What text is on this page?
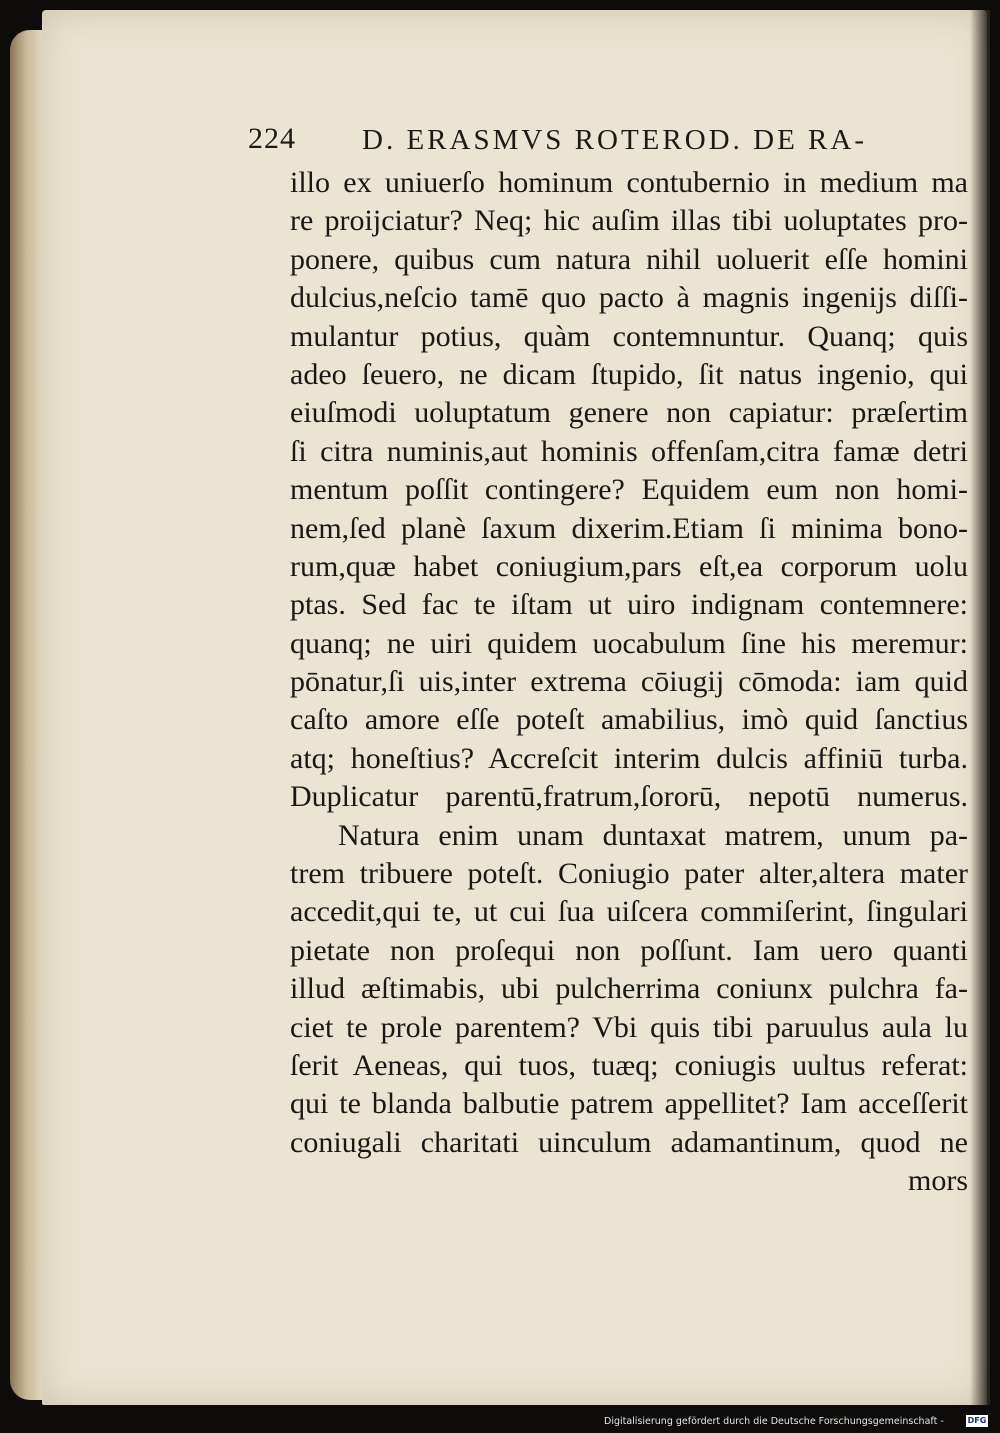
224 D. ERASMVS ROTEROD. DE RA-
illo ex uniuerſo hominum contubernio in medium ma
re proijciatur? Neq; hic auſim illas tibi uoluptates pro-
ponere, quibus cum natura nihil uoluerit eſſe homini
dulcius,neſcio tamē quo pacto à magnis ingenijs diſſi-
mulantur potius, quàm contemnuntur. Quanq; quis
adeo ſeuero, ne dicam ſtupido, ſit natus ingenio, qui
eiuſmodi uoluptatum genere non capiatur: præſertim
ſi citra numinis,aut hominis offenſam,citra famæ detri
mentum poſſit contingere? Equidem eum non homi-
nem,ſed planè ſaxum dixerim.Etiam ſi minima bono-
rum,quæ habet coniugium,pars eſt,ea corporum uolu
ptas. Sed fac te iſtam ut uiro indignam contemnere:
quanq; ne uiri quidem uocabulum ſine his meremur:
pōnatur,ſi uis,inter extrema cōiugij cōmoda: iam quid
caſto amore eſſe poteſt amabilius, imò quid ſanctius
atq; honeſtius? Accreſcit interim dulcis affiniū turba.
Duplicatur parentū,fratrum,ſororū, nepotū numerus.
Natura enim unam duntaxat matrem, unum pa-
trem tribuere poteſt. Coniugio pater alter,altera mater
accedit,qui te, ut cui ſua uiſcera commiſerint, ſingulari
pietate non proſequi non poſſunt. Iam uero quanti
illud æſtimabis, ubi pulcherrima coniunx pulchra fa-
ciet te prole parentem? Vbi quis tibi paruulus aula lu
ſerit Aeneas, qui tuos, tuæq; coniugis uultus referat:
qui te blanda balbutie patrem appellitet? Iam acceſſerit
coniugali charitati uinculum adamantinum, quod ne
mors
Digitalisierung gefördert durch die Deutsche Forschungsgemeinschaft -	DFG
